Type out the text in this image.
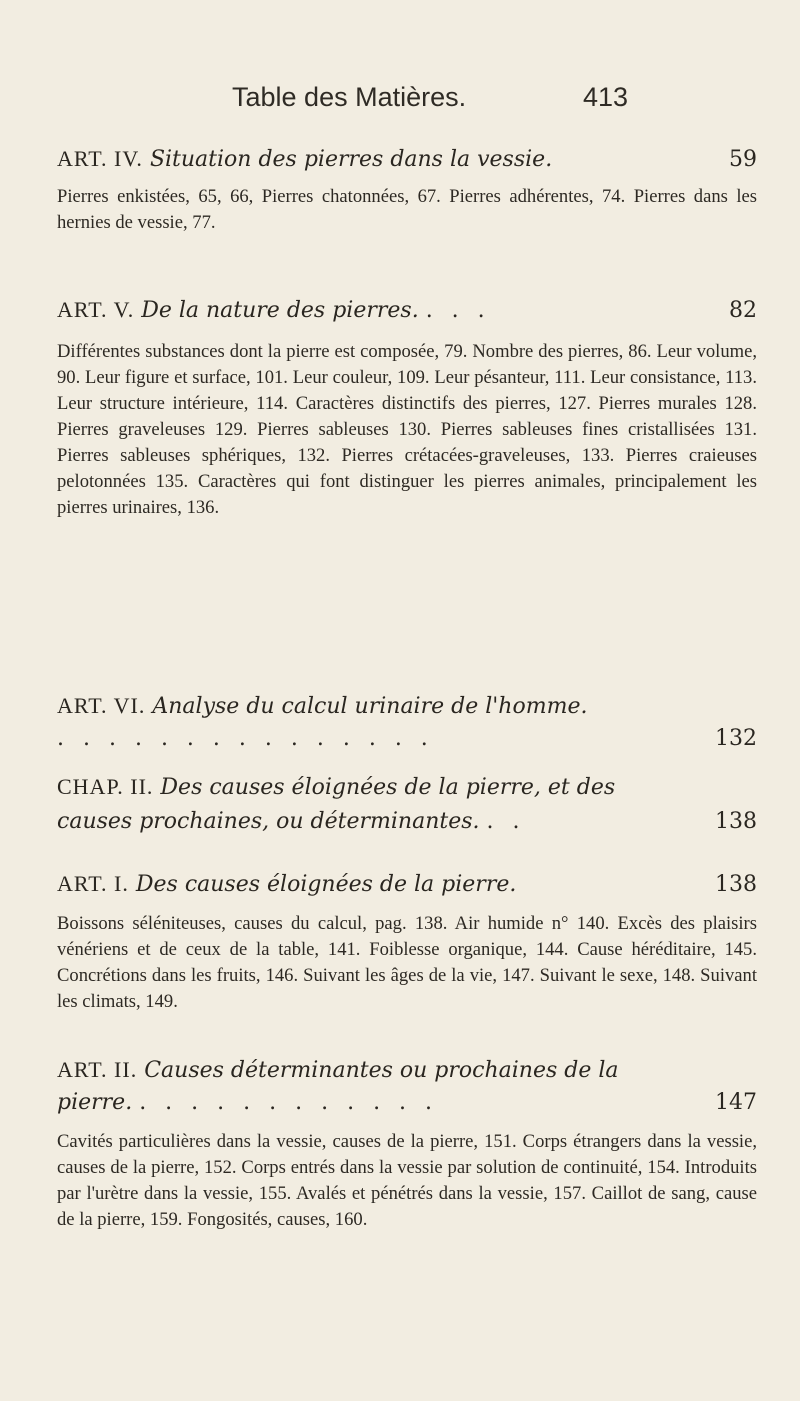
Table des Matières.	413
ART. IV. Situation des pierres dans la vessie.	59

Pierres enkistées, 65, 66, Pierres chatonnées, 67. Pierres adhérentes, 74. Pierres dans les hernies de vessie, 77.

ART. V. De la nature des pierres. . . .	82

Différentes substances dont la pierre est composée, 79. Nombre des pierres, 86. Leur volume, 90. Leur figure et surface, 101. Leur couleur, 109. Leur pésanteur, 111. Leur consistance, 113. Leur structure intérieure, 114. Caractères distinctifs des pierres, 127. Pierres murales 128. Pierres graveleuses 129. Pierres sableuses 130. Pierres sableuses fines cristallisées 131. Pierres sableuses sphériques, 132. Pierres crétacées-graveleuses, 133. Pierres craieuses pelotonnées 135. Caractères qui font distinguer les pierres animales, principalement les pierres urinaires, 136.

ART. VI. Analyse du calcul urinaire de l'homme.
. . . . . . . . . . . . . . .	132
CHAP. II. Des causes éloignées de la pierre, et des causes prochaines, ou déterminantes. . .	138
ART. I. Des causes éloignées de la pierre.	138

Boissons séléniteuses, causes du calcul, pag. 138. Air humide n° 140. Excès des plaisirs vénériens et de ceux de la table, 141. Foiblesse organique, 144. Cause héréditaire, 145. Concrétions dans les fruits, 146. Suivant les âges de la vie, 147. Suivant le sexe, 148. Suivant les climats, 149.

ART. II. Causes déterminantes ou prochaines de la pierre. . . . . . . . . . . . .	147

Cavités particulières dans la vessie, causes de la pierre, 151. Corps étrangers dans la vessie, causes de la pierre, 152. Corps entrés dans la vessie par solution de continuité, 154. Introduits par l'urètre dans la vessie, 155. Avalés et pénétrés dans la vessie, 157. Caillot de sang, cause de la pierre, 159. Fongosités, causes, 160.
